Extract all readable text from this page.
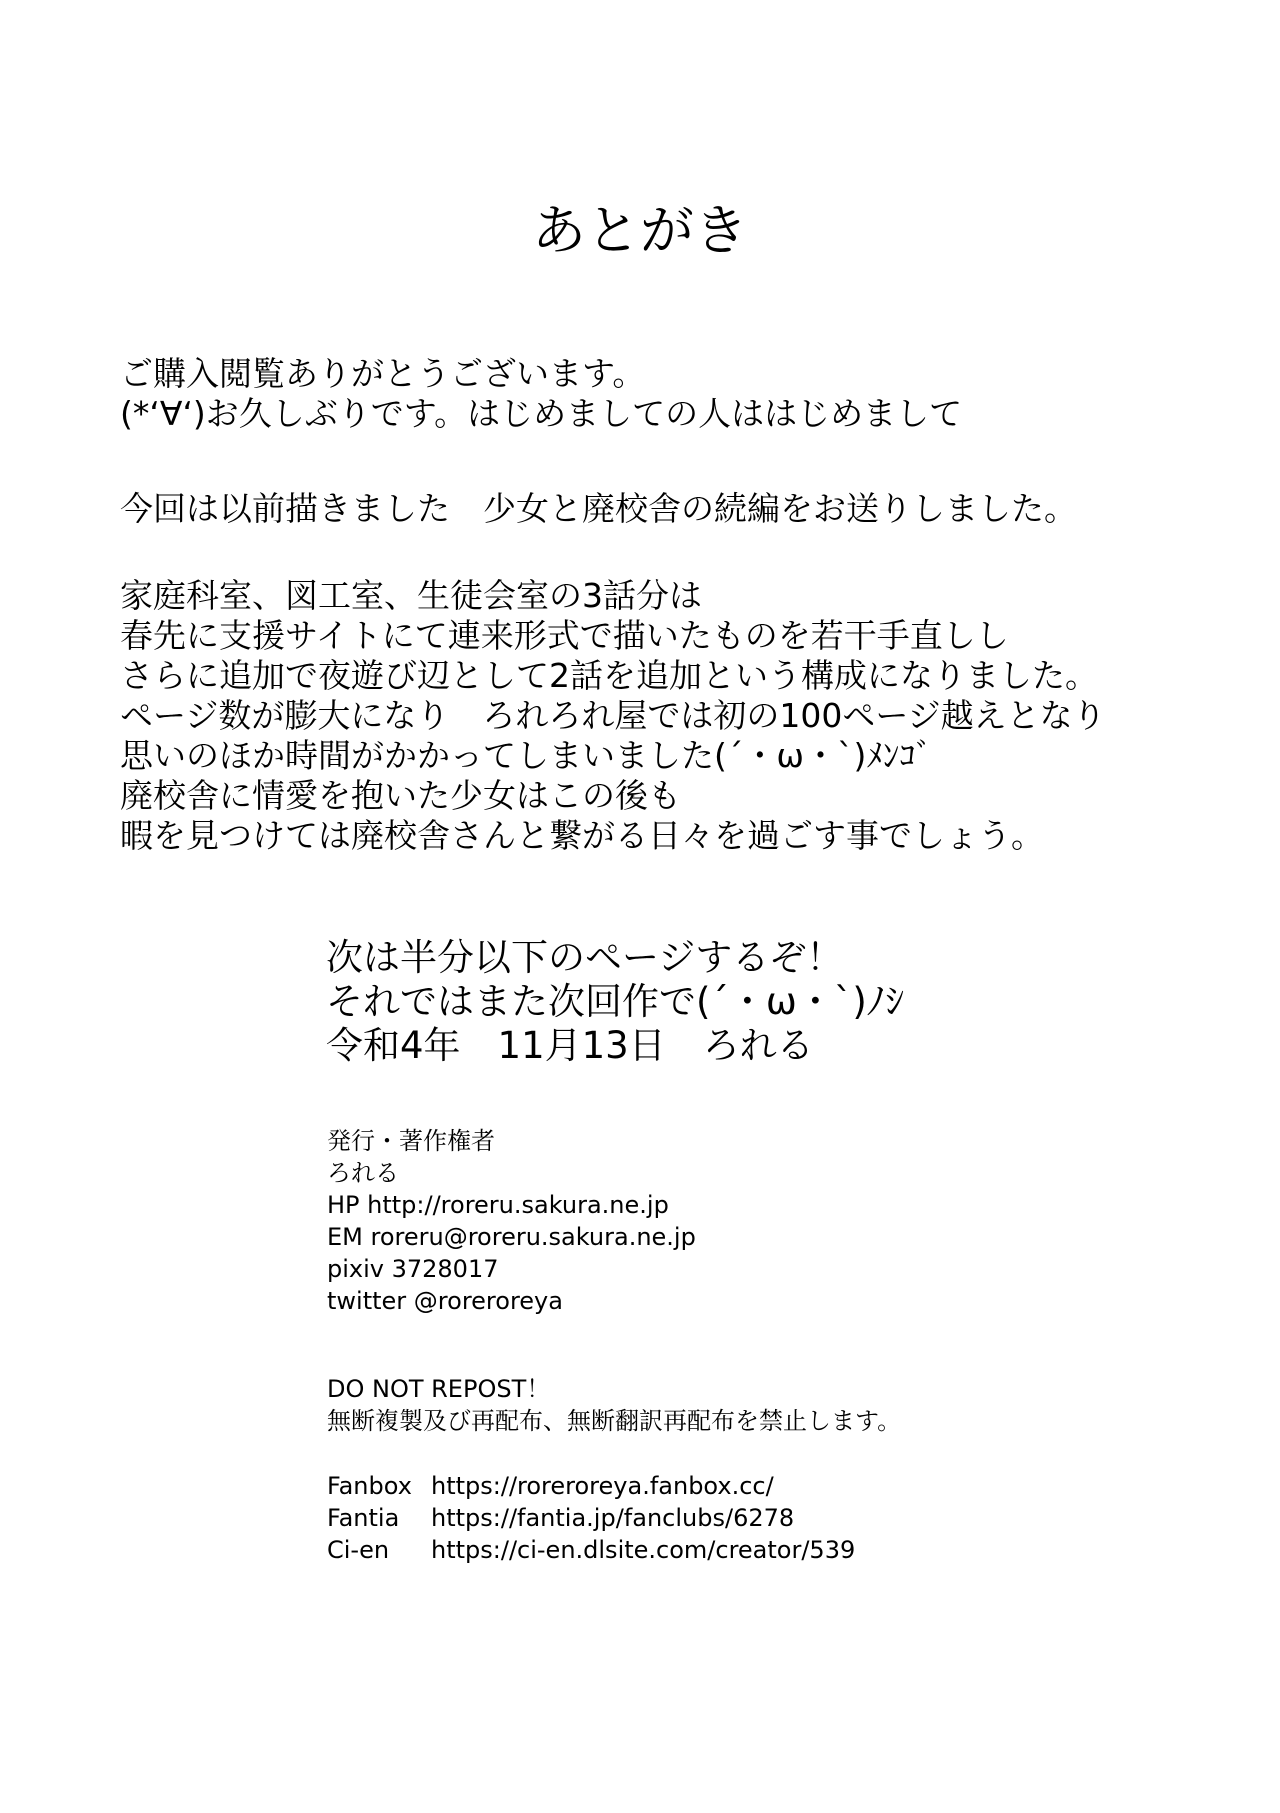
あとがき
ご購入閲覧ありがとうございます。
(*‘∀‘)お久しぶりです。はじめましての人ははじめまして
今回は以前描きました　少女と廃校舎の続編をお送りしました。
家庭科室、図工室、生徒会室の3話分は
春先に支援サイトにて連来形式で描いたものを若干手直しし
さらに追加で夜遊び辺として2話を追加という構成になりました。
ページ数が膨大になり　ろれろれ屋では初の100ページ越えとなり
思いのほか時間がかかってしまいました(´・ω・`)ﾒﾝｺﾞ
廃校舎に情愛を抱いた少女はこの後も
暇を見つけては廃校舎さんと繋がる日々を過ごす事でしょう。
次は半分以下のページするぞ！
それではまた次回作で(´・ω・`)ﾉｼ
令和4年　11月13日　ろれる
発行・著作権者
ろれる
HP http://roreru.sakura.ne.jp
EM roreru@roreru.sakura.ne.jp
pixiv 3728017
twitter @roreroreya
DO NOT REPOST！
無断複製及び再配布、無断翻訳再配布を禁止します。
Fanbox https://roreroreya.fanbox.cc/
Fantia	https://fantia.jp/fanclubs/6278
Ci-en	https://ci-en.dlsite.com/creator/539
